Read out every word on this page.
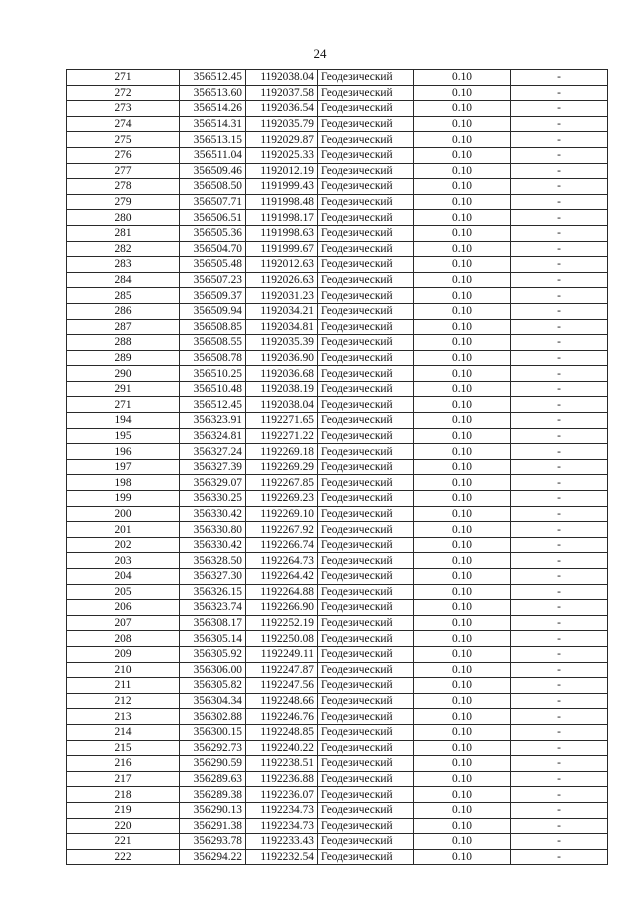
24
271	356512.45	1192038.04	Геодезический	0.10	-
272	356513.60	1192037.58	Геодезический	0.10	-
273	356514.26	1192036.54	Геодезический	0.10	-
274	356514.31	1192035.79	Геодезический	0.10	-
275	356513.15	1192029.87	Геодезический	0.10	-
276	356511.04	1192025.33	Геодезический	0.10	-
277	356509.46	1192012.19	Геодезический	0.10	-
278	356508.50	1191999.43	Геодезический	0.10	-
279	356507.71	1191998.48	Геодезический	0.10	-
280	356506.51	1191998.17	Геодезический	0.10	-
281	356505.36	1191998.63	Геодезический	0.10	-
282	356504.70	1191999.67	Геодезический	0.10	-
283	356505.48	1192012.63	Геодезический	0.10	-
284	356507.23	1192026.63	Геодезический	0.10	-
285	356509.37	1192031.23	Геодезический	0.10	-
286	356509.94	1192034.21	Геодезический	0.10	-
287	356508.85	1192034.81	Геодезический	0.10	-
288	356508.55	1192035.39	Геодезический	0.10	-
289	356508.78	1192036.90	Геодезический	0.10	-
290	356510.25	1192036.68	Геодезический	0.10	-
291	356510.48	1192038.19	Геодезический	0.10	-
271	356512.45	1192038.04	Геодезический	0.10	-
194	356323.91	1192271.65	Геодезический	0.10	-
195	356324.81	1192271.22	Геодезический	0.10	-
196	356327.24	1192269.18	Геодезический	0.10	-
197	356327.39	1192269.29	Геодезический	0.10	-
198	356329.07	1192267.85	Геодезический	0.10	-
199	356330.25	1192269.23	Геодезический	0.10	-
200	356330.42	1192269.10	Геодезический	0.10	-
201	356330.80	1192267.92	Геодезический	0.10	-
202	356330.42	1192266.74	Геодезический	0.10	-
203	356328.50	1192264.73	Геодезический	0.10	-
204	356327.30	1192264.42	Геодезический	0.10	-
205	356326.15	1192264.88	Геодезический	0.10	-
206	356323.74	1192266.90	Геодезический	0.10	-
207	356308.17	1192252.19	Геодезический	0.10	-
208	356305.14	1192250.08	Геодезический	0.10	-
209	356305.92	1192249.11	Геодезический	0.10	-
210	356306.00	1192247.87	Геодезический	0.10	-
211	356305.82	1192247.56	Геодезический	0.10	-
212	356304.34	1192248.66	Геодезический	0.10	-
213	356302.88	1192246.76	Геодезический	0.10	-
214	356300.15	1192248.85	Геодезический	0.10	-
215	356292.73	1192240.22	Геодезический	0.10	-
216	356290.59	1192238.51	Геодезический	0.10	-
217	356289.63	1192236.88	Геодезический	0.10	-
218	356289.38	1192236.07	Геодезический	0.10	-
219	356290.13	1192234.73	Геодезический	0.10	-
220	356291.38	1192234.73	Геодезический	0.10	-
221	356293.78	1192233.43	Геодезический	0.10	-
222	356294.22	1192232.54	Геодезический	0.10	-
